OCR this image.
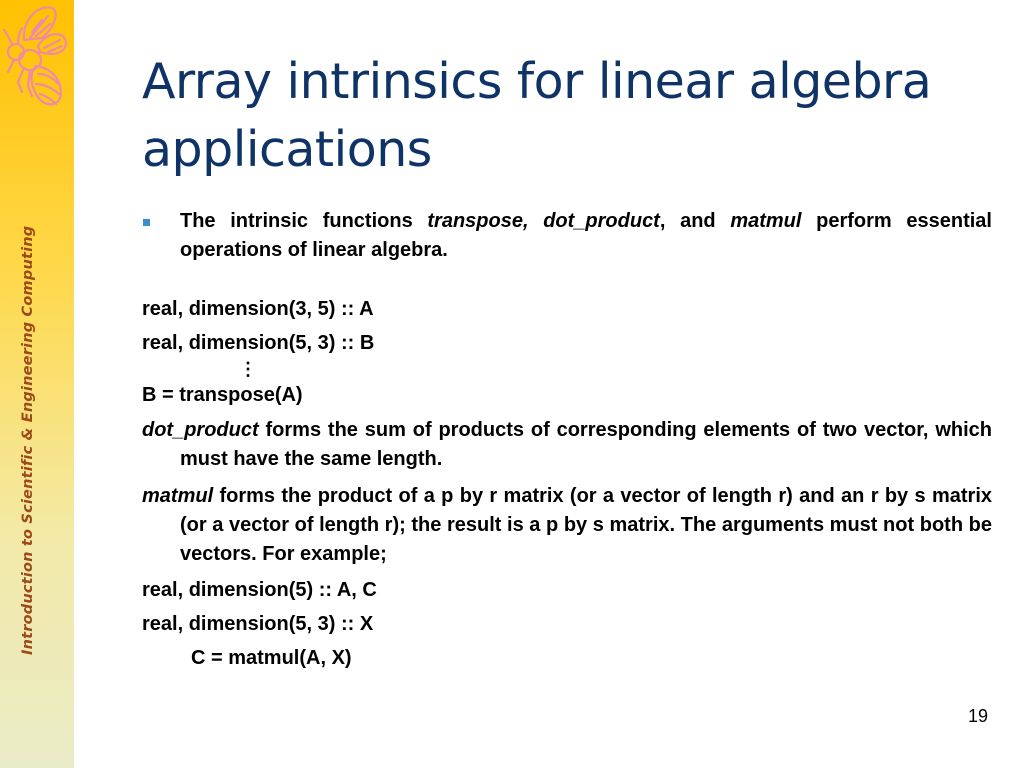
Introduction to Scientific & Engineering Computing
Array intrinsics for linear algebra applications
The intrinsic functions transpose, dot_product, and matmul perform essential operations of linear algebra.
real, dimension(3, 5) :: A
real, dimension(5, 3) :: B
⋮
B = transpose(A)
dot_product forms the sum of products of corresponding elements of two vector, which must have the same length.
matmul forms the product of a p by r matrix (or a vector of length r) and an r by s matrix (or a vector of length r); the result is a p by s matrix. The arguments must not both be vectors. For example;
real, dimension(5) :: A, C
real, dimension(5, 3) :: X
C = matmul(A, X)
19
